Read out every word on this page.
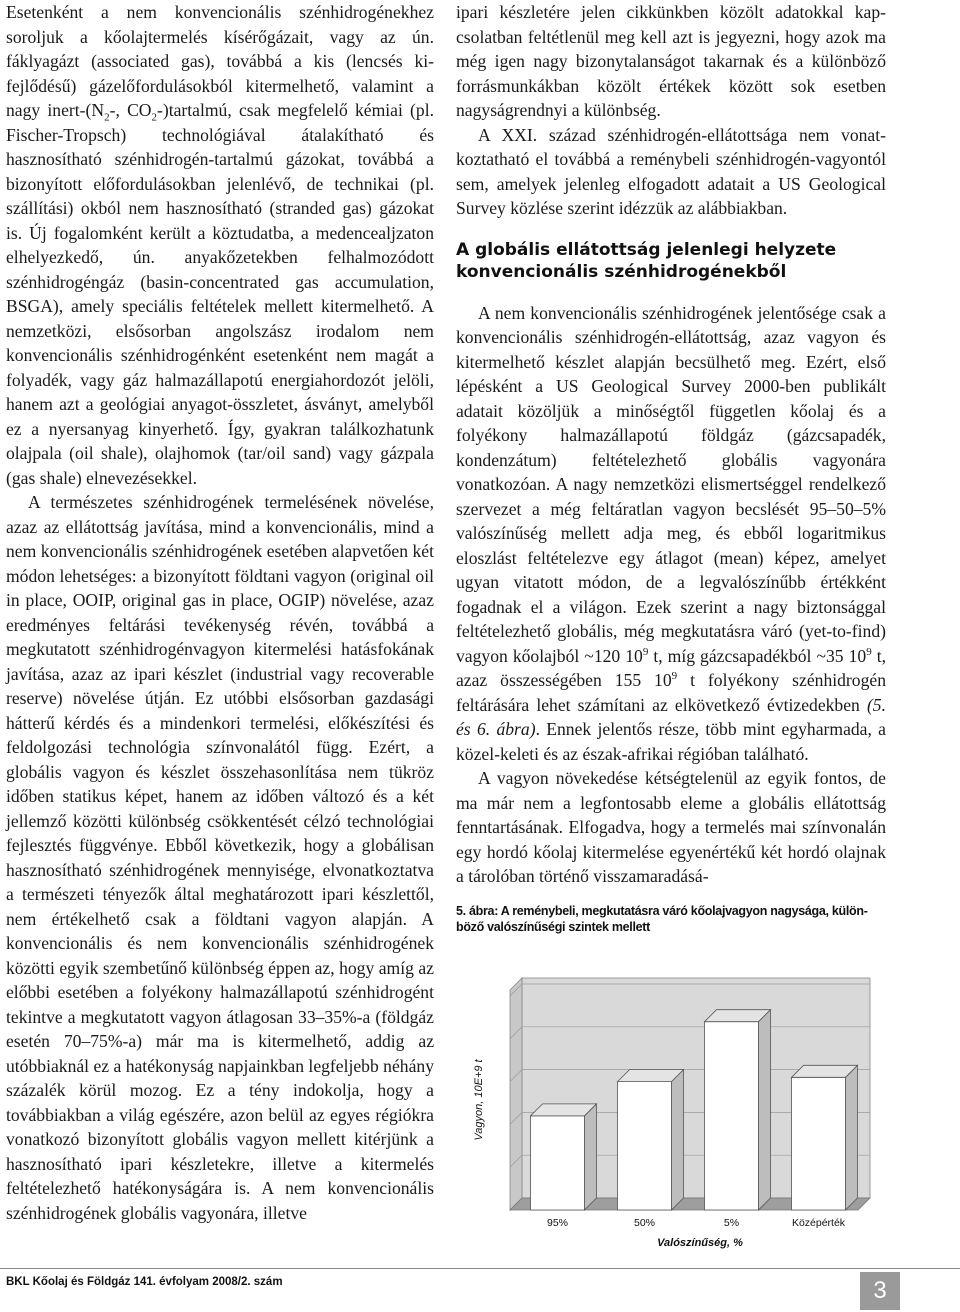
Esetenként a nem konvencionális szénhidrogénekhez soroljuk a kőolajtermelés kísérőgázait, vagy az ún. fáklyagázt (associated gas), továbbá a kis (lencsés kifejlődésű) gázelőfordulásokból kitermelhető, valamint a nagy inert-($N_2-$, $CO_2-)tartalmú$, csak megfelelő kémiai (pl. Fischer-Tropsch) technológiával átalakítható és hasznosítható szénhidrogén-tartalmú gázokat, továbbá a bizonyított előfordulásokban jelenlévő, de technikai (pl. szállítási) okból nem hasznosítható (stranded gas) gázokat is. Új fogalomként került a köztudatba, a medencealjzaton elhelyezkedő, ún. anyakőzetekben felhalmozódott szénhidrogéngáz (basin-concentrated gas accumulation, BSGA), amely speciális feltételek mellett kitermelhető. A nemzetközi, elsősorban angolszász irodalom nem konvencionális szénhidrogénként esetenként nem magát a folyadék, vagy gáz halmazállapotú energiahordozót jelöli, hanem azt a geológiai anyagot-összletet, ásványt, amelyből ez a nyersanyag kinyerhető. Így, gyakran találkozhatunk olajpala (oil shale), olajhomok (tar/oil sand) vagy gázpala (gas shale) elnevezésekkel.

A természetes szénhidrogének termelésének növelése, azaz az ellátottság javítása, mind a konvencionális, mind a nem konvencionális szénhidrogének esetében alapvetően két módon lehetséges: a bizonyított földtani vagyon (original oil in place, OOIP, original gas in place, OGIP) növelése, azaz eredményes feltárási tevékenység révén, továbbá a megkutatott szénhidrogénvagyon kitermelési hatásfokának javítása, azaz az ipari készlet (industrial vagy recoverable reserve) növelése útján. Ez utóbbi elsősorban gazdasági hátterű kérdés és a mindenkori termelési, előkészítési és feldolgozási technológia színvonalától függ. Ezért, a globális vagyon és készlet összehasonlítása nem tükröz időben statikus képet, hanem az időben változó és a két jellemző közötti különbség csökkentését célzó technológiai fejlesztés függvénye. Ebből következik, hogy a globálisan hasznosítható szénhidrogének mennyisége, elvonatkoztatva a természeti tényezők által meghatározott ipari készlettől, nem értékelhető csak a földtani vagyon alapján. A konvencionális és nem konvencionális szénhidrogének közötti egyik szembetűnő különbség éppen az, hogy amíg az előbbi esetében a folyékony halmazállapotú szénhidrogént tekintve a megkutatott vagyon átlagosan 33–35%-a (földgáz esetén 70–75%-a) már ma is kitermelhető, addig az utóbbiaknál ez a hatékonyság napjainkban legfeljebb néhány százalék körül mozog. Ez a tény indokolja, hogy a továbbiakban a világ egészére, azon belül az egyes régiókra vonatkozó bizonyított globális vagyon mellett kitérjünk a hasznosítható ipari készletekre, illetve a kitermelés feltételezhető hatékonyságára is. A nem konvencionális szénhidrogének globális vagyonára, illetve

ipari készletére jelen cikkünkben közölt adatokkal kapcsolatban feltétlenül meg kell azt is jegyezni, hogy azok ma még igen nagy bizonytalanságot takarnak és a különböző forrásmunkákban közölt értékek között sok esetben nagyságrendnyi a különbség.

A XXI. század szénhidrogén-ellátottsága nem vonatkoztatható el továbbá a reménybeli szénhidrogén-vagyontól sem, amelyek jelenleg elfogadott adatait a US Geological Survey közlése szerint idézzük az alábbiakban.

A globális ellátottság jelenlegi helyzete konvencionális szénhidrogénekből

A nem konvencionális szénhidrogének jelentősége csak a konvencionális szénhidrogén-ellátottság, azaz vagyon és kitermelhető készlet alapján becsülhető meg. Ezért, első lépésként a US Geological Survey 2000-ben publikált adatait közöljük a minőségtől független kőolaj és a folyékony halmazállapotú földgáz (gázcsapadék, kondenzátum) feltételezhető globális vagyonára vonatkozóan. A nagy nemzetközi elismertséggel rendelkező szervezet a még feltáratlan vagyon becslését 95–50–5% valószínűség mellett adja meg, és ebből logaritmikus eloszlást feltételezve egy átlagot (mean) képez, amelyet ugyan vitatott módon, de a legvalószínűbb értékként fogadnak el a világon. Ezek szerint a nagy biztonsággal feltételezhető globális, még megkutatásra váró (yet-to-find) vagyon kőolajból ~120 $10^9$ t, míg gázcsapadékból ~35 $10^9$ t, azaz összességében 155 $10^9$ t folyékony szénhidrogén feltárására lehet számítani az elkövetkező évtizedekben (5. és 6. ábra). Ennek jelentős része, több mint egyharmada, a közel-keleti és az észak-afrikai régióban található.

A vagyon növekedése kétségtelenül az egyik fontos, de ma már nem a legfontosabb eleme a globális ellátottság fenntartásának. Elfogadva, hogy a termelés mai színvonalán egy hordó kőolaj kitermelése egyenértékű két hordó olajnak a tárolóban történő visszamaradásá-

5. ábra: A reménybeli, megkutatásra váró kőolajvagyon nagysága, különböző valószínűségi szintek mellett
Vagyon, 10E+9 t
95%	50%	5%	Középérték
Valószínűség, %
BKL Kőolaj és Földgáz 141. évfolyam 2008/2. szám	3
